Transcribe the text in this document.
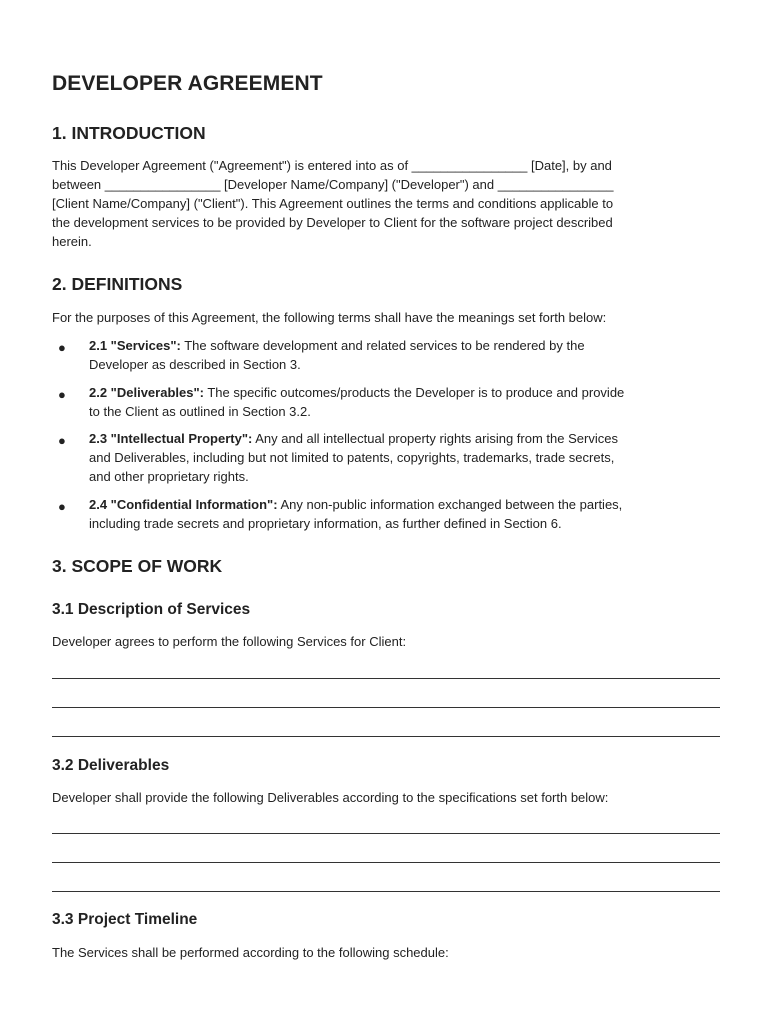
DEVELOPER AGREEMENT
1. INTRODUCTION

This Developer Agreement ("Agreement") is entered into as of ________________ [Date], by and
between ________________ [Developer Name/Company] ("Developer") and ________________
[Client Name/Company] ("Client"). This Agreement outlines the terms and conditions applicable to
the development services to be provided by Developer to Client for the software project described
herein.

2. DEFINITIONS

For the purposes of this Agreement, the following terms shall have the meanings set forth below:

● 2.1 "Services": The software development and related services to be rendered by the
Developer as described in Section 3.
● 2.2 "Deliverables": The specific outcomes/products the Developer is to produce and provide
to the Client as outlined in Section 3.2.
● 2.3 "Intellectual Property": Any and all intellectual property rights arising from the Services
and Deliverables, including but not limited to patents, copyrights, trademarks, trade secrets,
and other proprietary rights.
● 2.4 "Confidential Information": Any non-public information exchanged between the parties,
including trade secrets and proprietary information, as further defined in Section 6.
3. SCOPE OF WORK
3.1 Description of Services

Developer agrees to perform the following Services for Client:

3.2 Deliverables

Developer shall provide the following Deliverables according to the specifications set forth below:

3.3 Project Timeline

The Services shall be performed according to the following schedule:
